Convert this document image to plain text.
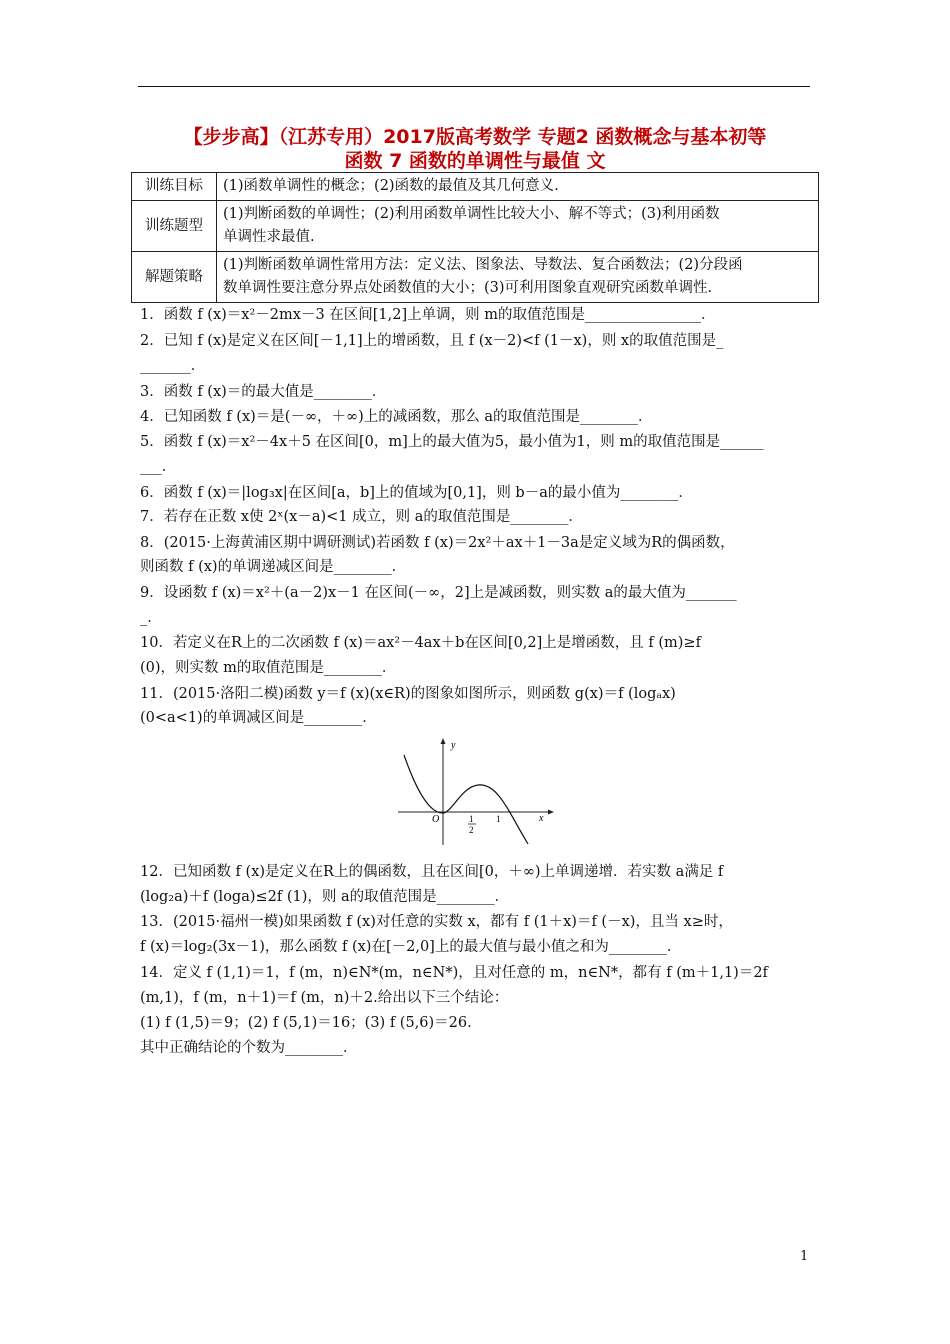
【步步高】（江苏专用）2017版高考数学 专题2 函数概念与基本初等
函数 7 函数的单调性与最值 文
训练目标	(1)函数单调性的概念；(2)函数的最值及其几何意义.
训练题型	(1)判断函数的单调性；(2)利用函数单调性比较大小、解不等式；(3)利用函数
单调性求最值.
解题策略	(1)判断函数单调性常用方法：定义法、图象法、导数法、复合函数法；(2)分段函
数单调性要注意分界点处函数值的大小；(3)可利用图象直观研究函数单调性.
1．函数 f (x)＝x²－2mx－3 在区间[1,2]上单调，则 m的取值范围是________________．
2．已知 f (x)是定义在区间[－1,1]上的增函数，且 f (x－2)<f (1－x)，则 x的取值范围是_
_______．
3．函数 f (x)＝的最大值是________．
4．已知函数 f (x)＝是(－∞，＋∞)上的减函数，那么 a的取值范围是________．
5．函数 f (x)＝x²－4x＋5 在区间[0，m]上的最大值为5，最小值为1，则 m的取值范围是______
___．
6．函数 f (x)＝|log₃x|在区间[a，b]上的值域为[0,1]，则 b－a的最小值为________．
7．若存在正数 x使 2ˣ(x－a)<1 成立，则 a的取值范围是________．
8．(2015·上海黄浦区期中调研测试)若函数 f (x)＝2x²＋ax＋1－3a是定义域为R的偶函数，
则函数 f (x)的单调递减区间是________．
9．设函数 f (x)＝x²＋(a－2)x－1 在区间(－∞，2]上是减函数，则实数 a的最大值为_______
_．
10．若定义在R上的二次函数 f (x)＝ax²－4ax＋b在区间[0,2]上是增函数，且 f (m)≥f
(0)，则实数 m的取值范围是________．
11．(2015·洛阳二模)函数 y＝f (x)(x∈R)的图象如图所示，则函数 g(x)＝f (logₐx)
(0<a<1)的单调减区间是________．
y
x
O	1
2
1
12．已知函数 f (x)是定义在R上的偶函数，且在区间[0，＋∞)上单调递增．若实数 a满足 f
(log₂a)＋f (loga)≤2f (1)，则 a的取值范围是________．
13．(2015·福州一模)如果函数 f (x)对任意的实数 x，都有 f (1＋x)＝f (－x)，且当 x≥时，
f (x)＝log₂(3x－1)，那么函数 f (x)在[－2,0]上的最大值与最小值之和为________．
14．定义 f (1,1)＝1，f (m，n)∈N*(m，n∈N*)，且对任意的 m，n∈N*，都有 f (m＋1,1)＝2f
(m,1)，f (m，n＋1)＝f (m，n)＋2.给出以下三个结论：
(1) f (1,5)＝9；(2) f (5,1)＝16；(3) f (5,6)＝26.
其中正确结论的个数为________．
1
